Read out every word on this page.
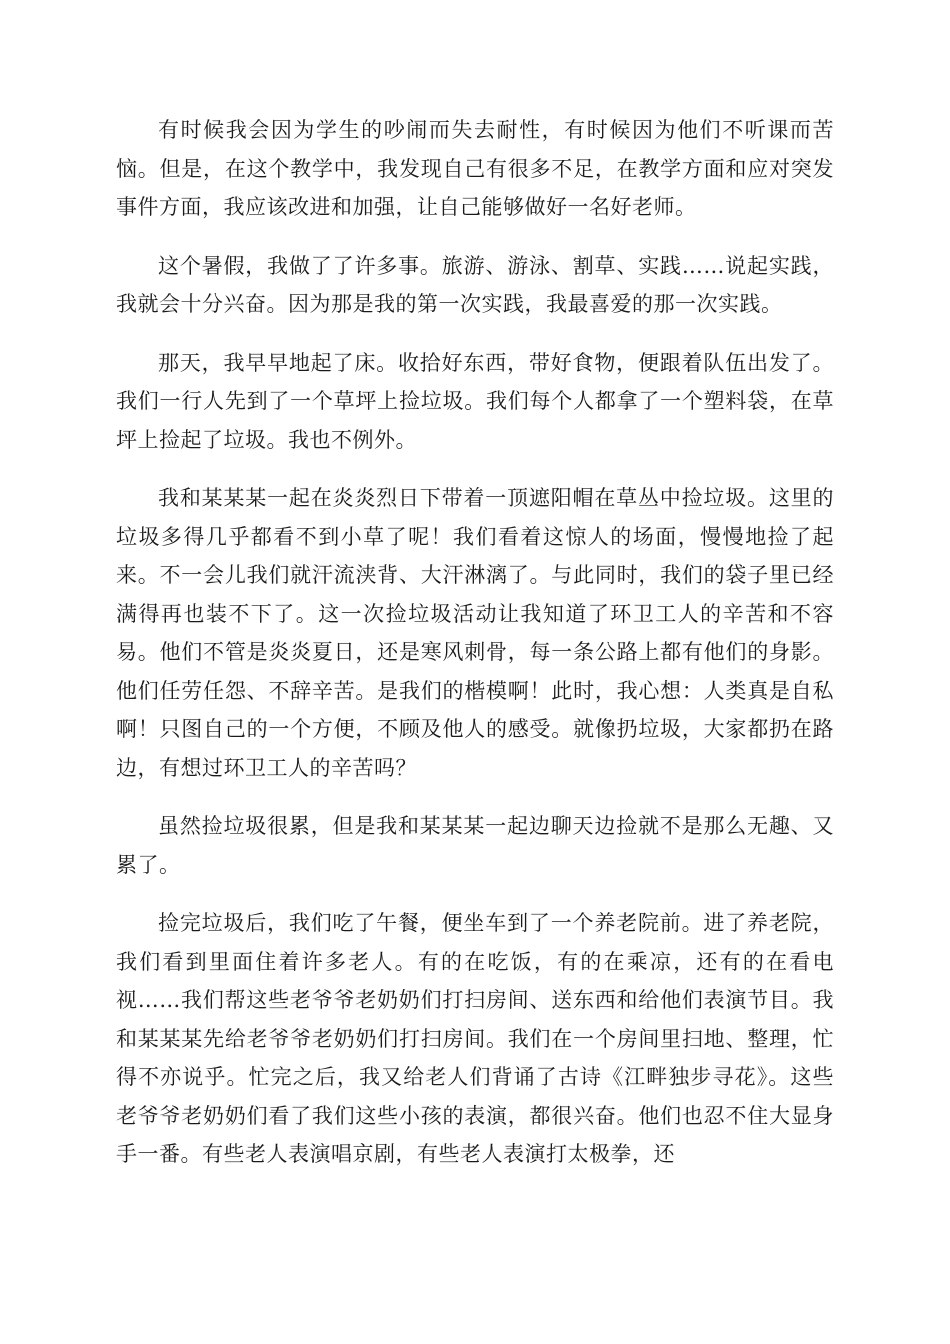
有时候我会因为学生的吵闹而失去耐性，有时候因为他们不听课而苦恼。但是，在这个教学中，我发现自己有很多不足，在教学方面和应对突发事件方面，我应该改进和加强，让自己能够做好一名好老师。

这个暑假，我做了了许多事。旅游、游泳、割草、实践……说起实践，我就会十分兴奋。因为那是我的第一次实践，我最喜爱的那一次实践。

那天，我早早地起了床。收拾好东西，带好食物，便跟着队伍出发了。我们一行人先到了一个草坪上捡垃圾。我们每个人都拿了一个塑料袋，在草坪上捡起了垃圾。我也不例外。

我和某某某一起在炎炎烈日下带着一顶遮阳帽在草丛中捡垃圾。这里的垃圾多得几乎都看不到小草了呢！我们看着这惊人的场面，慢慢地捡了起来。不一会儿我们就汗流浃背、大汗淋漓了。与此同时，我们的袋子里已经满得再也装不下了。这一次捡垃圾活动让我知道了环卫工人的辛苦和不容易。他们不管是炎炎夏日，还是寒风刺骨，每一条公路上都有他们的身影。他们任劳任怨、不辞辛苦。是我们的楷模啊！此时，我心想：人类真是自私啊！只图自己的一个方便，不顾及他人的感受。就像扔垃圾，大家都扔在路边，有想过环卫工人的辛苦吗？

虽然捡垃圾很累，但是我和某某某一起边聊天边捡就不是那么无趣、又累了。

捡完垃圾后，我们吃了午餐，便坐车到了一个养老院前。进了养老院，我们看到里面住着许多老人。有的在吃饭，有的在乘凉，还有的在看电视……我们帮这些老爷爷老奶奶们打扫房间、送东西和给他们表演节目。我和某某某先给老爷爷老奶奶们打扫房间。我们在一个房间里扫地、整理，忙得不亦说乎。忙完之后，我又给老人们背诵了古诗《江畔独步寻花》。这些老爷爷老奶奶们看了我们这些小孩的表演，都很兴奋。他们也忍不住大显身手一番。有些老人表演唱京剧，有些老人表演打太极拳，还
